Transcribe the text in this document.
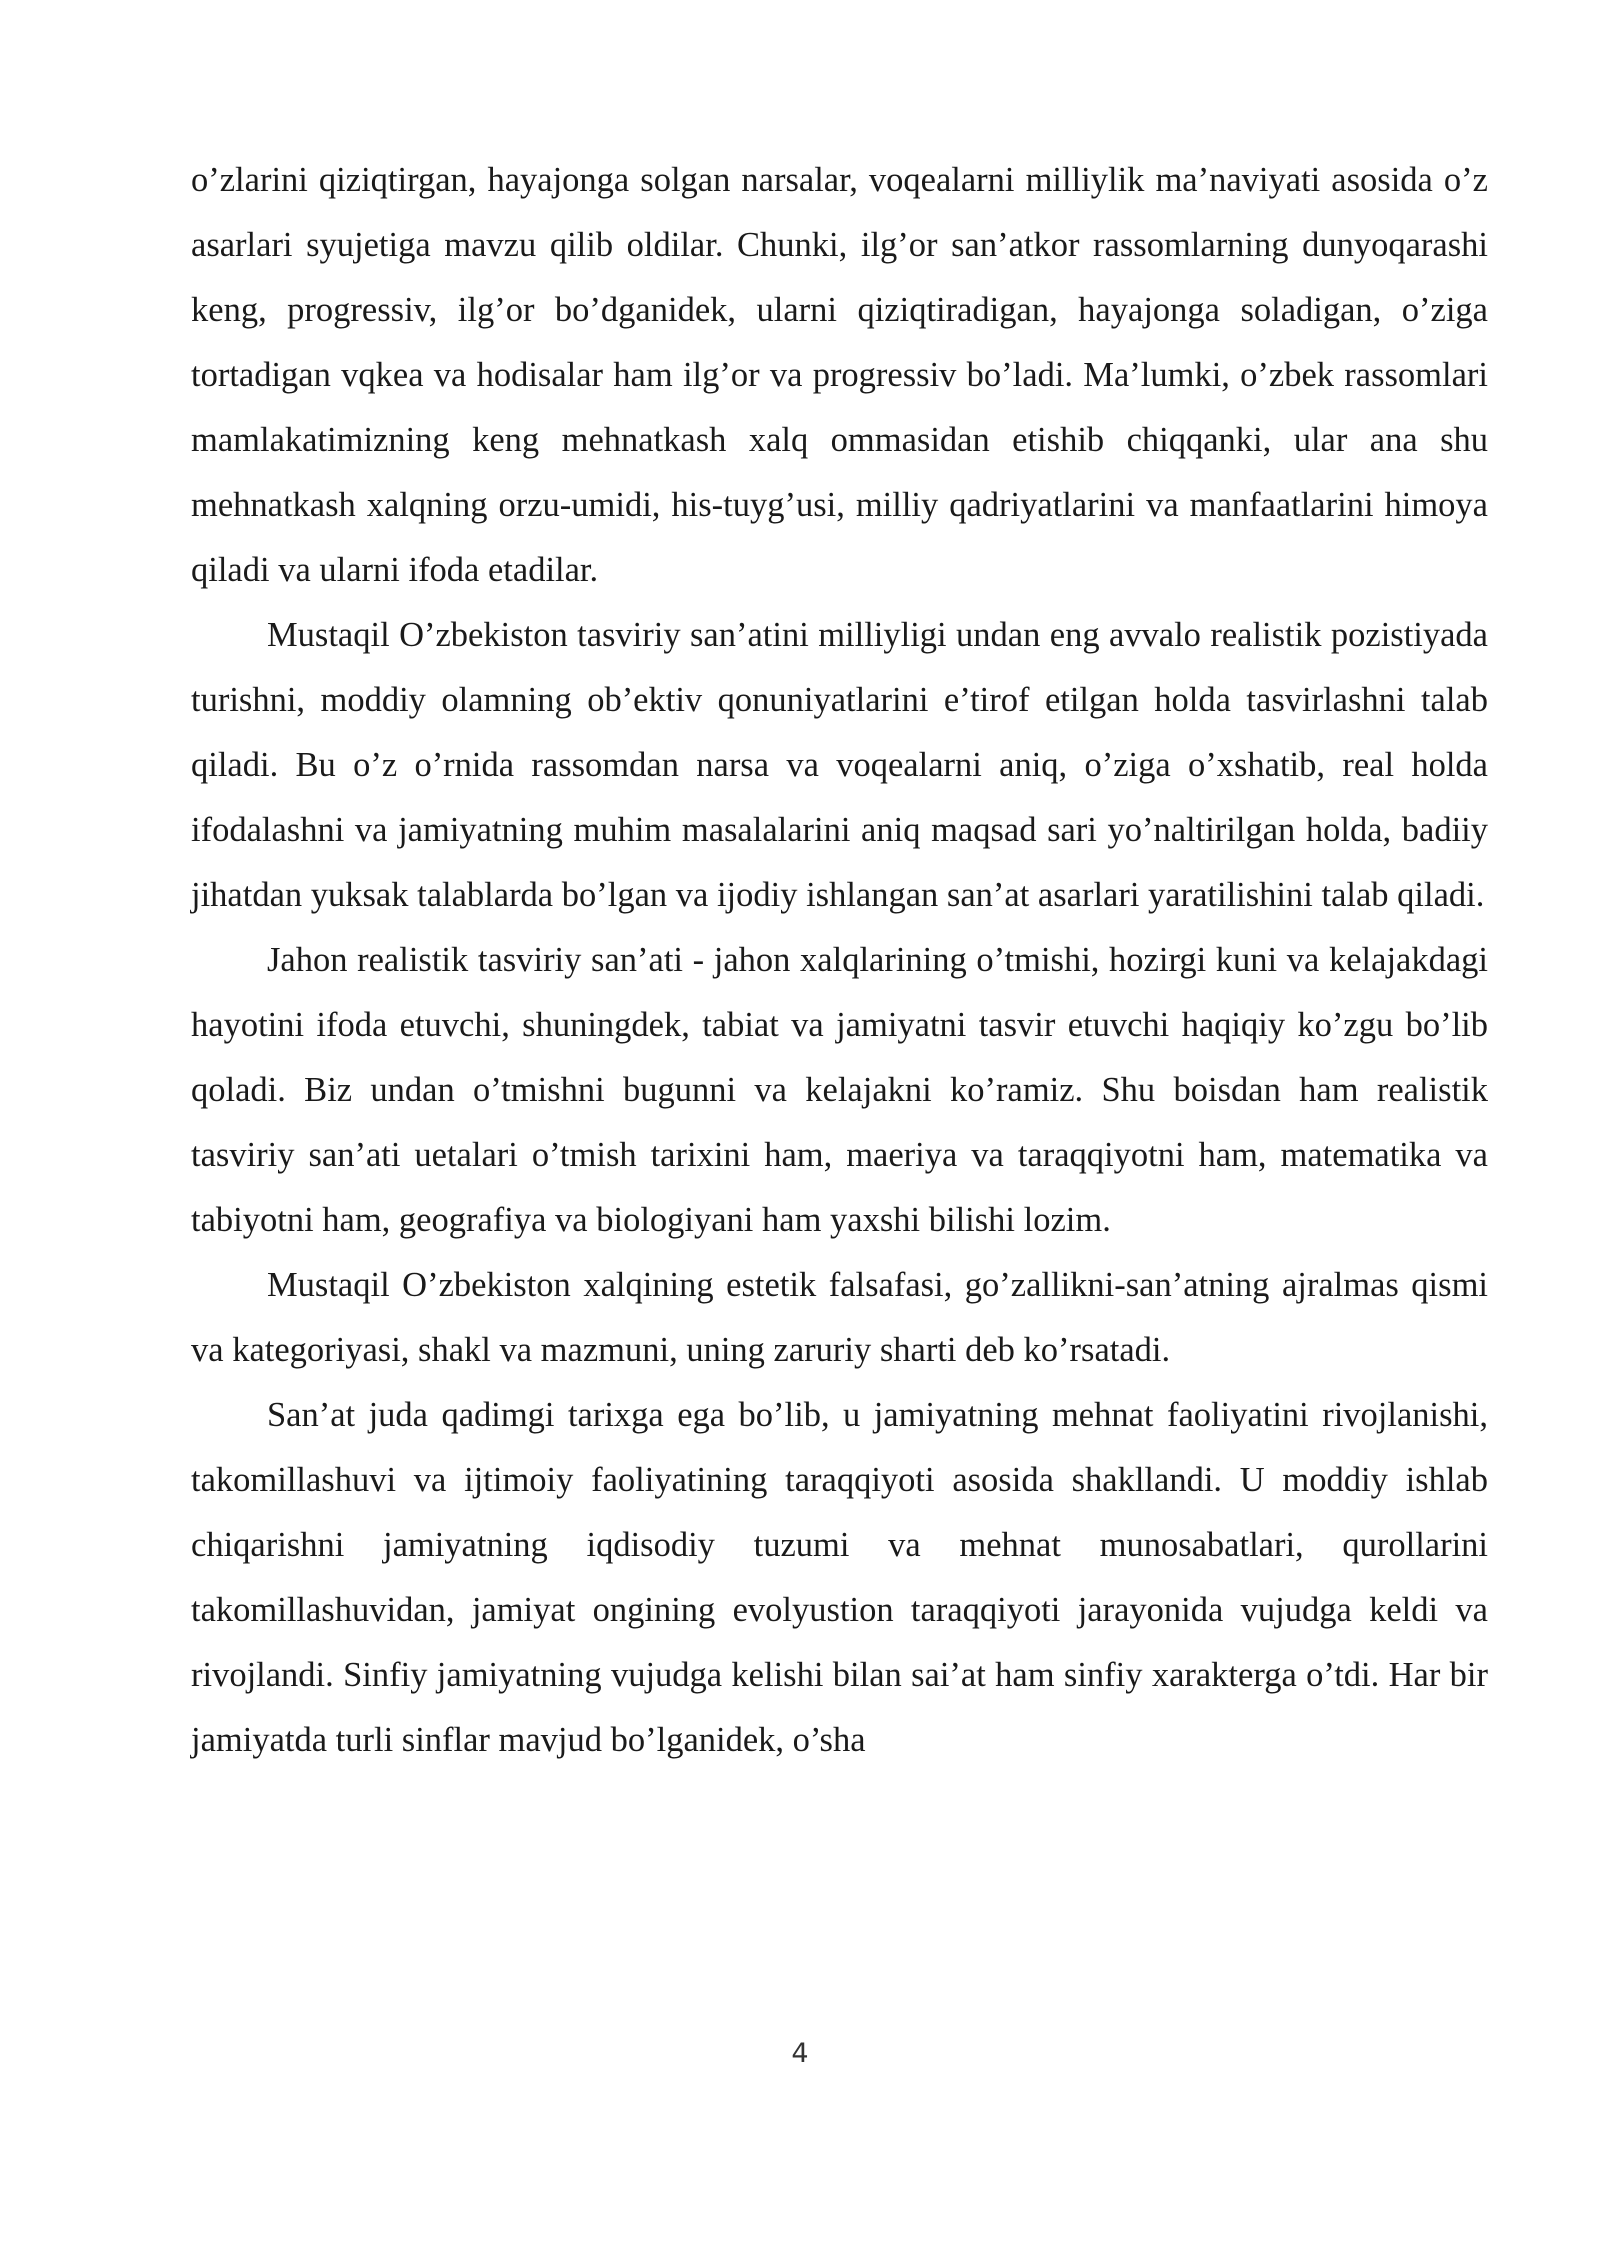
o’zlarini qiziqtirgan, hayajonga solgan narsalar, voqealarni milliylik ma’naviyati asosida o’z asarlari syujetiga mavzu qilib oldilar. Chunki, ilg’or san’atkor rassomlarning dunyoqarashi keng, progressiv, ilg’or bo’dganidek, ularni qiziqtiradigan, hayajonga soladigan, o’ziga tortadigan vqkea va hodisalar ham ilg’or va progressiv bo’ladi. Ma’lumki, o’zbek rassomlari mamlakatimizning keng mehnatkash xalq ommasidan etishib chiqqanki, ular ana shu mehnatkash xalqning orzu-umidi, his-tuyg’usi, milliy qadriyatlarini va manfaatlarini himoya qiladi va ularni ifoda etadilar.

Mustaqil O’zbekiston tasviriy san’atini milliyligi undan eng avvalo realistik pozistiyada turishni, moddiy olamning ob’ektiv qonuniyatlarini e’tirof etilgan holda tasvirlashni talab qiladi. Bu o’z o’rnida rassomdan narsa va voqealarni aniq, o’ziga o’xshatib, real holda ifodalashni va jamiyatning muhim masalalarini aniq maqsad sari yo’naltirilgan holda, badiiy jihatdan yuksak talablarda bo’lgan va ijodiy ishlangan san’at asarlari yaratilishini talab qiladi.

Jahon realistik tasviriy san’ati - jahon xalqlarining o’tmishi, hozirgi kuni va kelajakdagi hayotini ifoda etuvchi, shuningdek, tabiat va jamiyatni tasvir etuvchi haqiqiy ko’zgu bo’lib qoladi. Biz undan o’tmishni bugunni va kelajakni ko’ramiz. Shu boisdan ham realistik tasviriy san’ati uetalari o’tmish tarixini ham, maeriya va taraqqiyotni ham, matematika va tabiyotni ham, geografiya va biologiyani ham yaxshi bilishi lozim.

Mustaqil O’zbekiston xalqining estetik falsafasi, go’zallikni-san’atning ajralmas qismi va kategoriyasi, shakl va mazmuni, uning zaruriy sharti deb ko’rsatadi.

San’at juda qadimgi tarixga ega bo’lib, u jamiyatning mehnat faoliyatini rivojlanishi, takomillashuvi va ijtimoiy faoliyatining taraqqiyoti asosida shakllandi. U moddiy ishlab chiqarishni jamiyatning iqdisodiy tuzumi va mehnat munosabatlari, qurollarini takomillashuvidan, jamiyat ongining evolyustion taraqqiyoti jarayonida vujudga keldi va rivojlandi. Sinfiy jamiyatning vujudga kelishi bilan sai’at ham sinfiy xarakterga o’tdi. Har bir jamiyatda turli sinflar mavjud bo’lganidek, o’sha

4
